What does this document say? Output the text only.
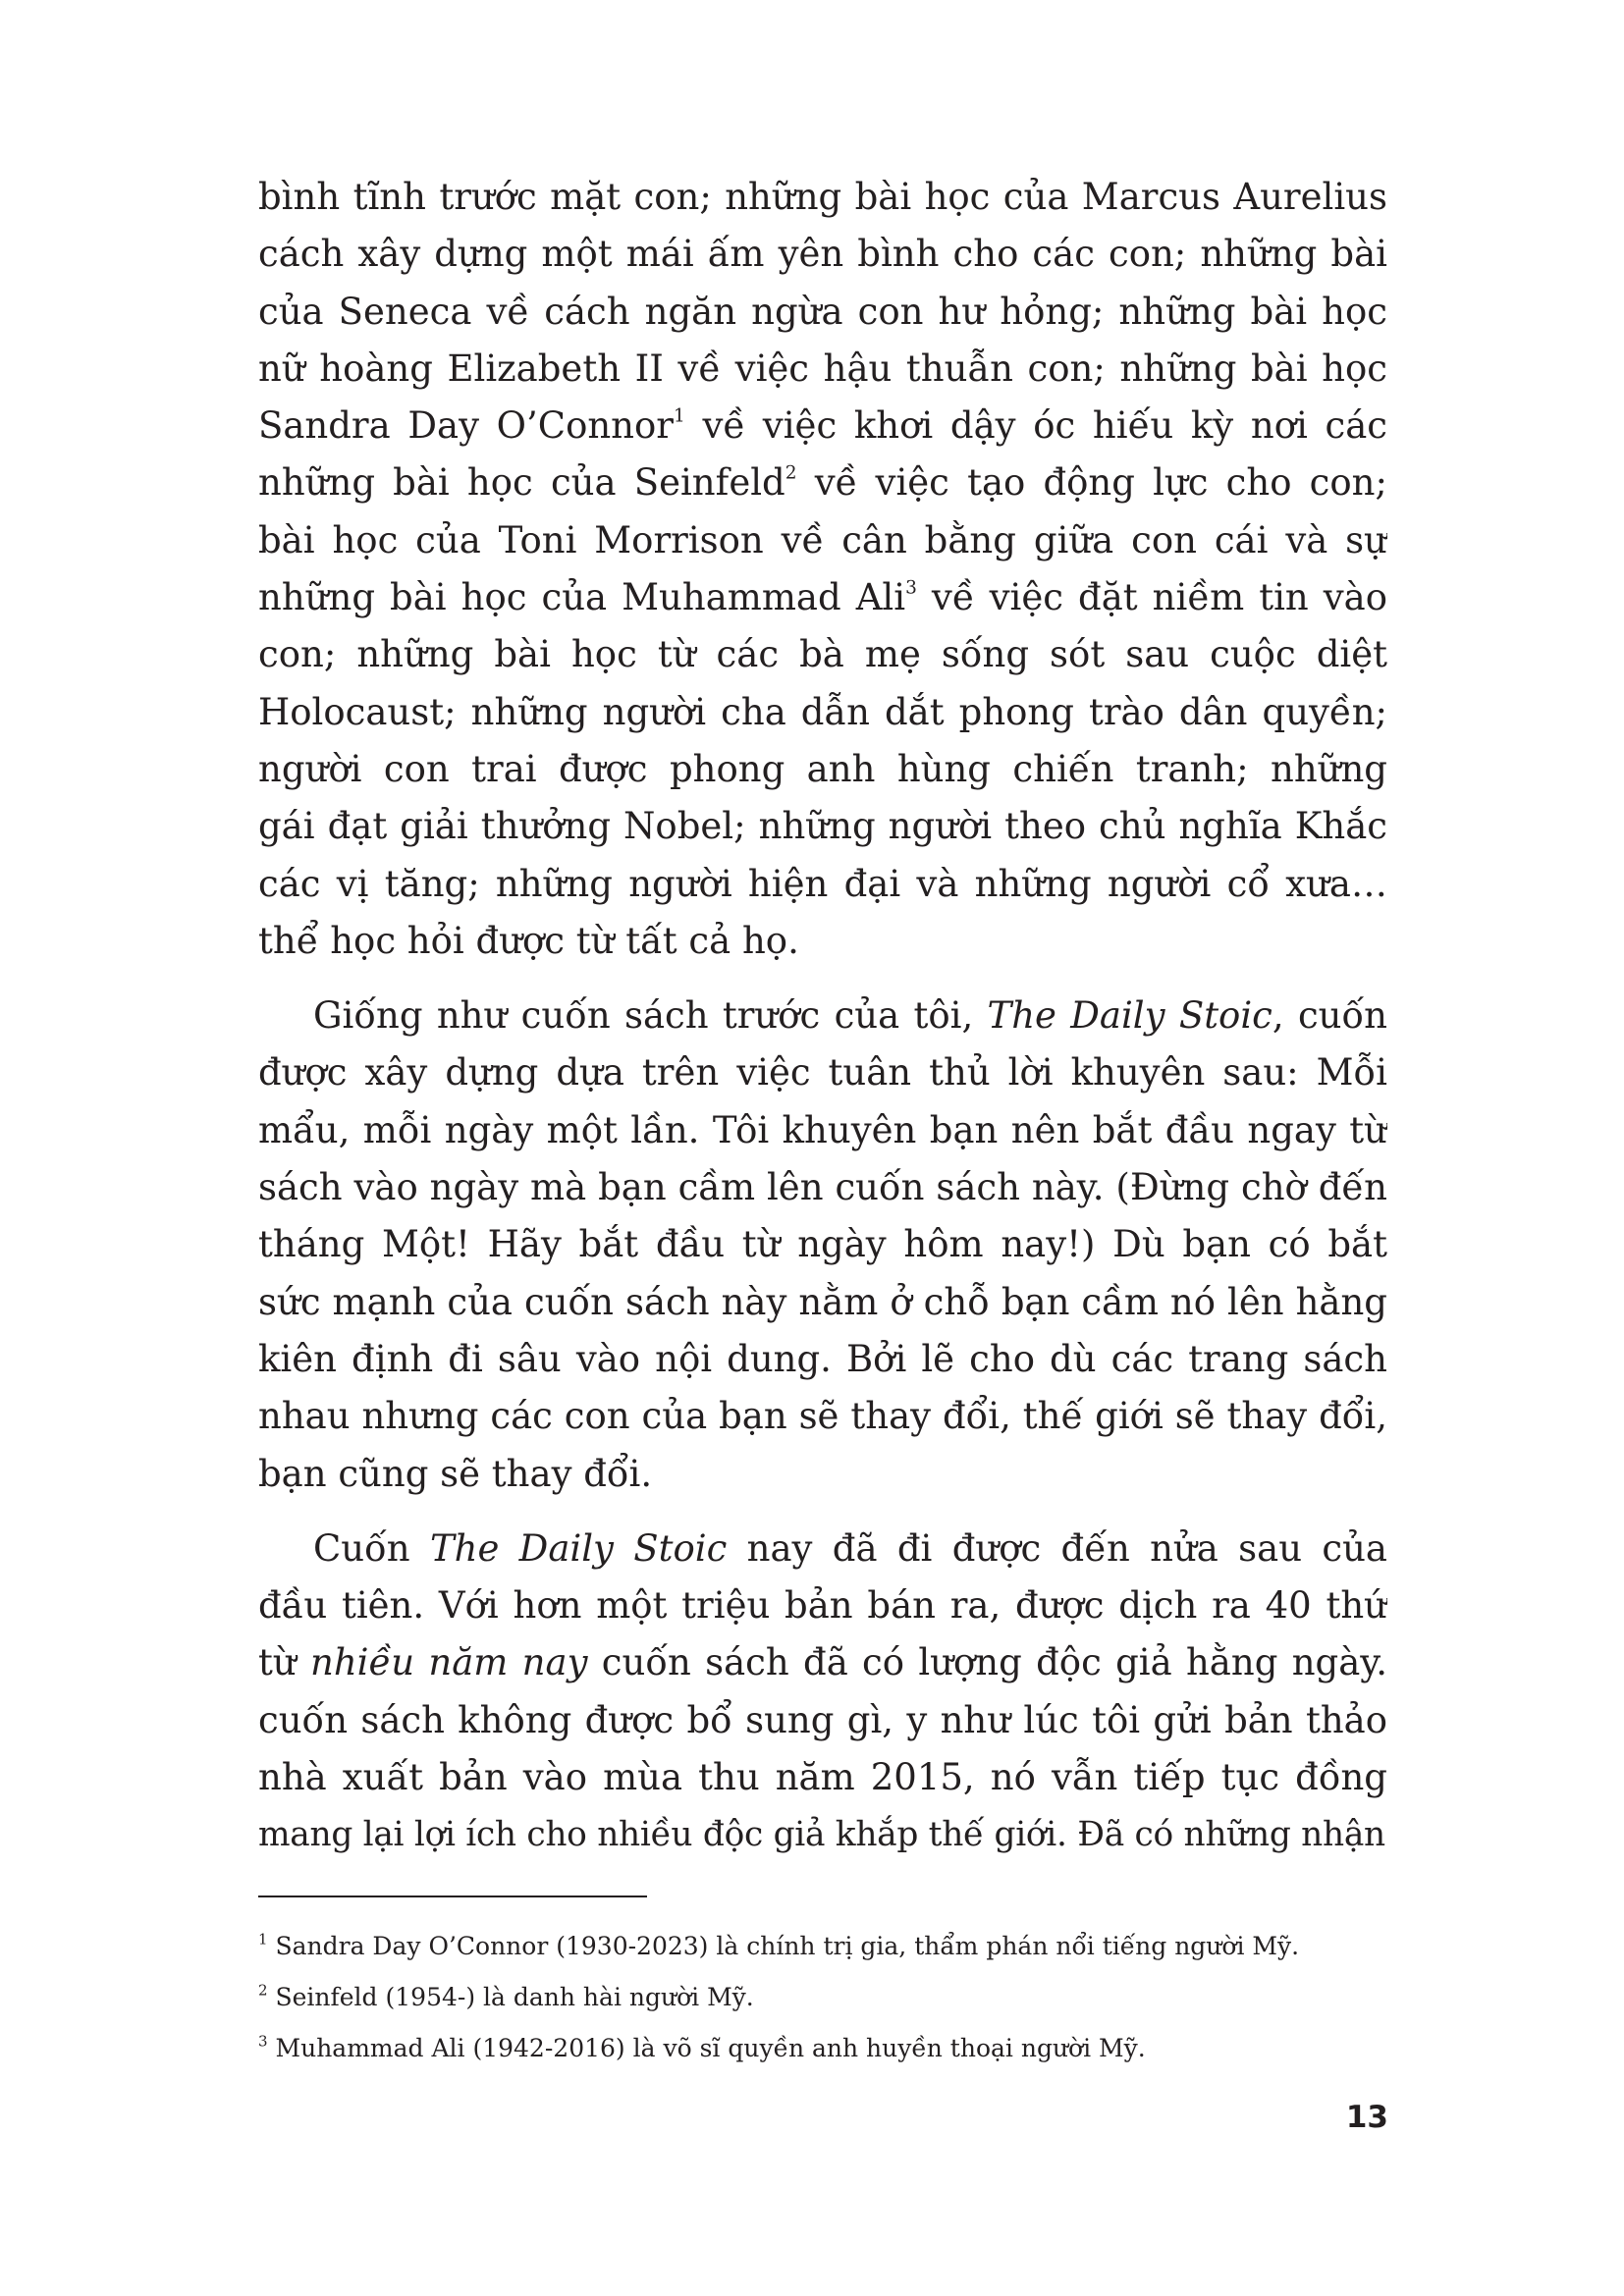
bình tĩnh trước mặt con; những bài học của Marcus Aurelius
cách xây dựng một mái ấm yên bình cho các con; những bài
của Seneca về cách ngăn ngừa con hư hỏng; những bài học
nữ hoàng Elizabeth II về việc hậu thuẫn con; những bài học
Sandra Day O’Connor$^1$ về việc khơi dậy óc hiếu kỳ nơi các
những bài học của Seinfeld$^2$ về việc tạo động lực cho con;
bài học của Toni Morrison về cân bằng giữa con cái và sự
những bài học của Muhammad Ali$^3$ về việc đặt niềm tin vào
con; những bài học từ các bà mẹ sống sót sau cuộc diệt
Holocaust; những người cha dẫn dắt phong trào dân quyền;
người con trai được phong anh hùng chiến tranh; những
gái đạt giải thưởng Nobel; những người theo chủ nghĩa Khắc
các vị tăng; những người hiện đại và những người cổ xưa…
thể học hỏi được từ tất cả họ.
Giống như cuốn sách trước của tôi, The Daily Stoic, cuốn
được xây dựng dựa trên việc tuân thủ lời khuyên sau: Mỗi
mẩu, mỗi ngày một lần. Tôi khuyên bạn nên bắt đầu ngay từ
sách vào ngày mà bạn cầm lên cuốn sách này. (Đừng chờ đến
tháng Một! Hãy bắt đầu từ ngày hôm nay!) Dù bạn có bắt
sức mạnh của cuốn sách này nằm ở chỗ bạn cầm nó lên hằng
kiên định đi sâu vào nội dung. Bởi lẽ cho dù các trang sách
nhau nhưng các con của bạn sẽ thay đổi, thế giới sẽ thay đổi,
bạn cũng sẽ thay đổi.
Cuốn The Daily Stoic nay đã đi được đến nửa sau của
đầu tiên. Với hơn một triệu bản bán ra, được dịch ra 40 thứ
từ nhiều năm nay cuốn sách đã có lượng độc giả hằng ngày.
cuốn sách không được bổ sung gì, y như lúc tôi gửi bản thảo
nhà xuất bản vào mùa thu năm 2015, nó vẫn tiếp tục đồng
mang lại lợi ích cho nhiều độc giả khắp thế giới. Đã có những nhận
$^1$ Sandra Day O’Connor (1930-2023) là chính trị gia, thẩm phán nổi tiếng người Mỹ.
$^2$ Seinfeld (1954-) là danh hài người Mỹ.
$^3$ Muhammad Ali (1942-2016) là võ sĩ quyền anh huyền thoại người Mỹ.
13
